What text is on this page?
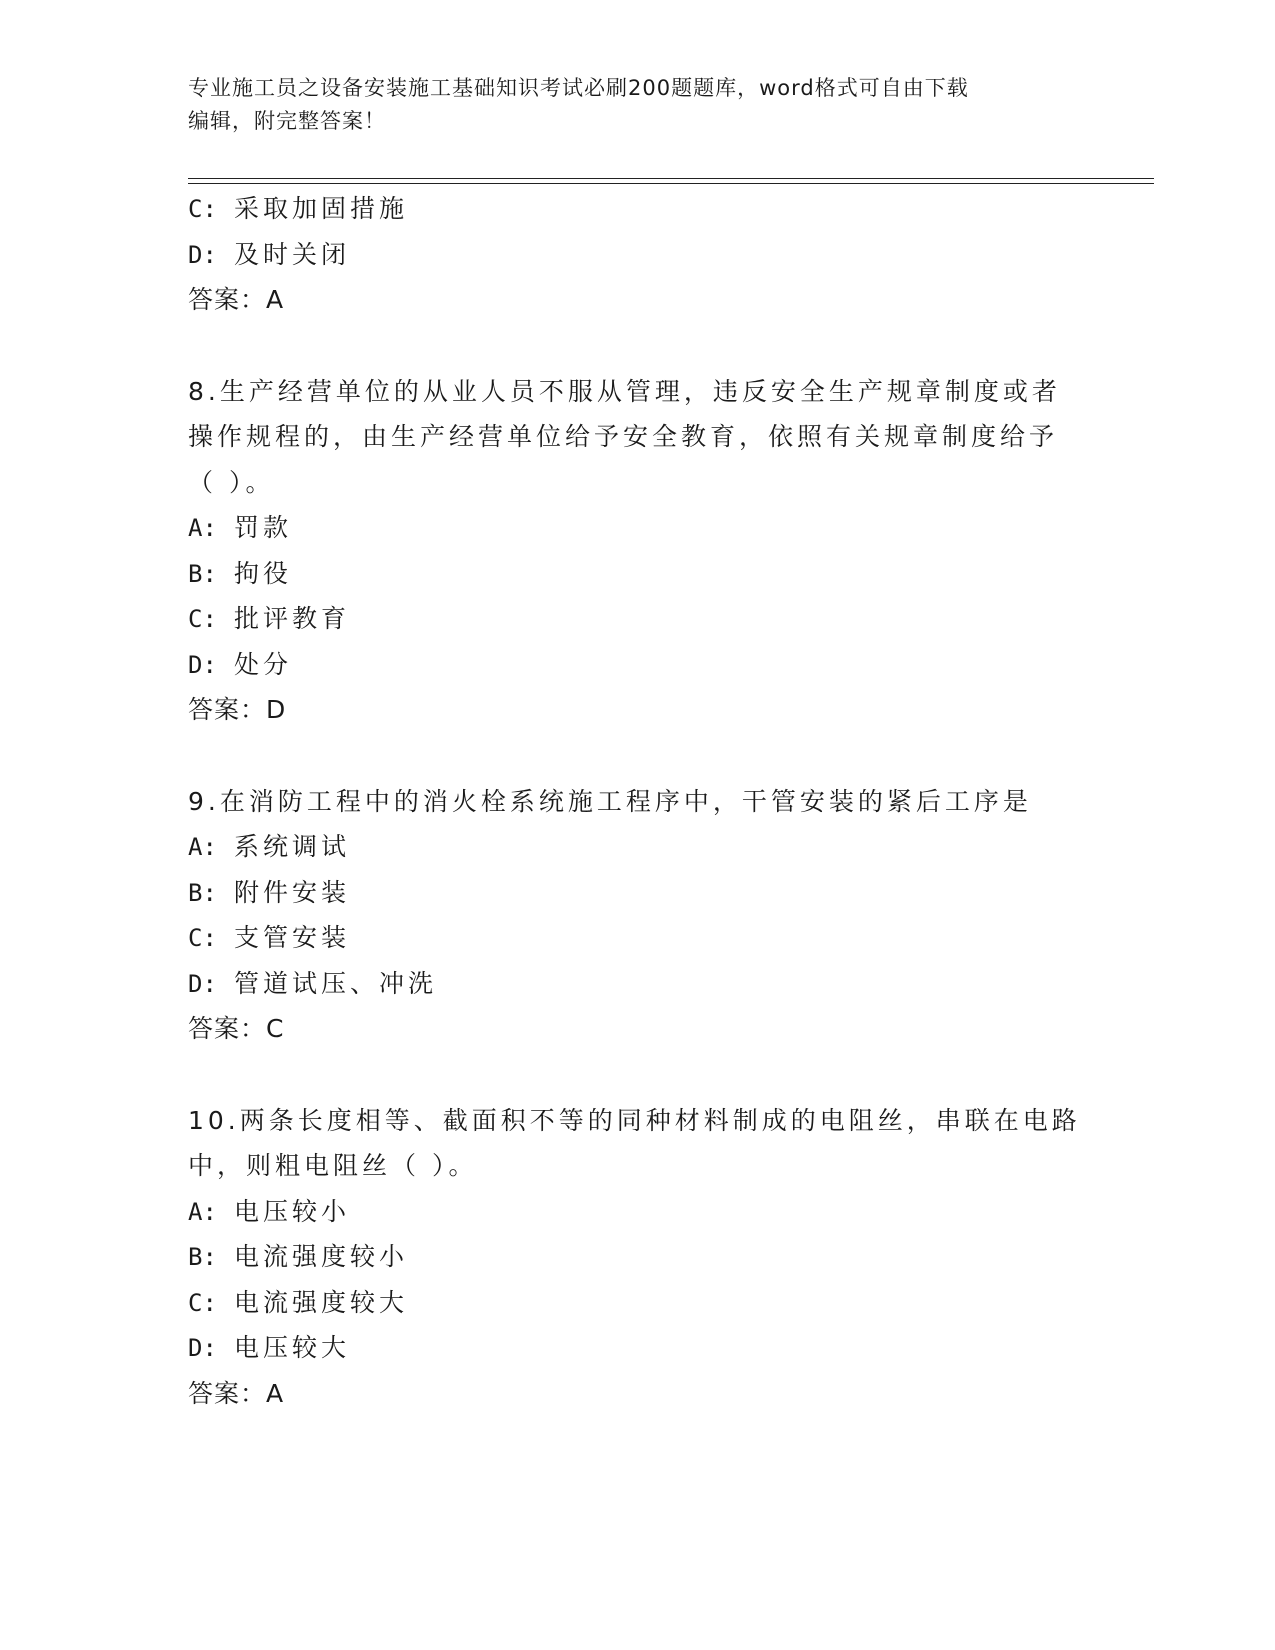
专业施工员之设备安装施工基础知识考试必刷200题题库，word格式可自由下载
编辑，附完整答案！
C: 采取加固措施
D: 及时关闭
答案：A
8.生产经营单位的从业人员不服从管理，违反安全生产规章制度或者
操作规程的，由生产经营单位给予安全教育，依照有关规章制度给予
（ ）。
A: 罚款
B: 拘役
C: 批评教育
D: 处分
答案：D
9.在消防工程中的消火栓系统施工程序中，干管安装的紧后工序是
A: 系统调试
B: 附件安装
C: 支管安装
D: 管道试压、冲洗
答案：C
10.两条长度相等、截面积不等的同种材料制成的电阻丝，串联在电路
中，则粗电阻丝（ ）。
A: 电压较小
B: 电流强度较小
C: 电流强度较大
D: 电压较大
答案：A
